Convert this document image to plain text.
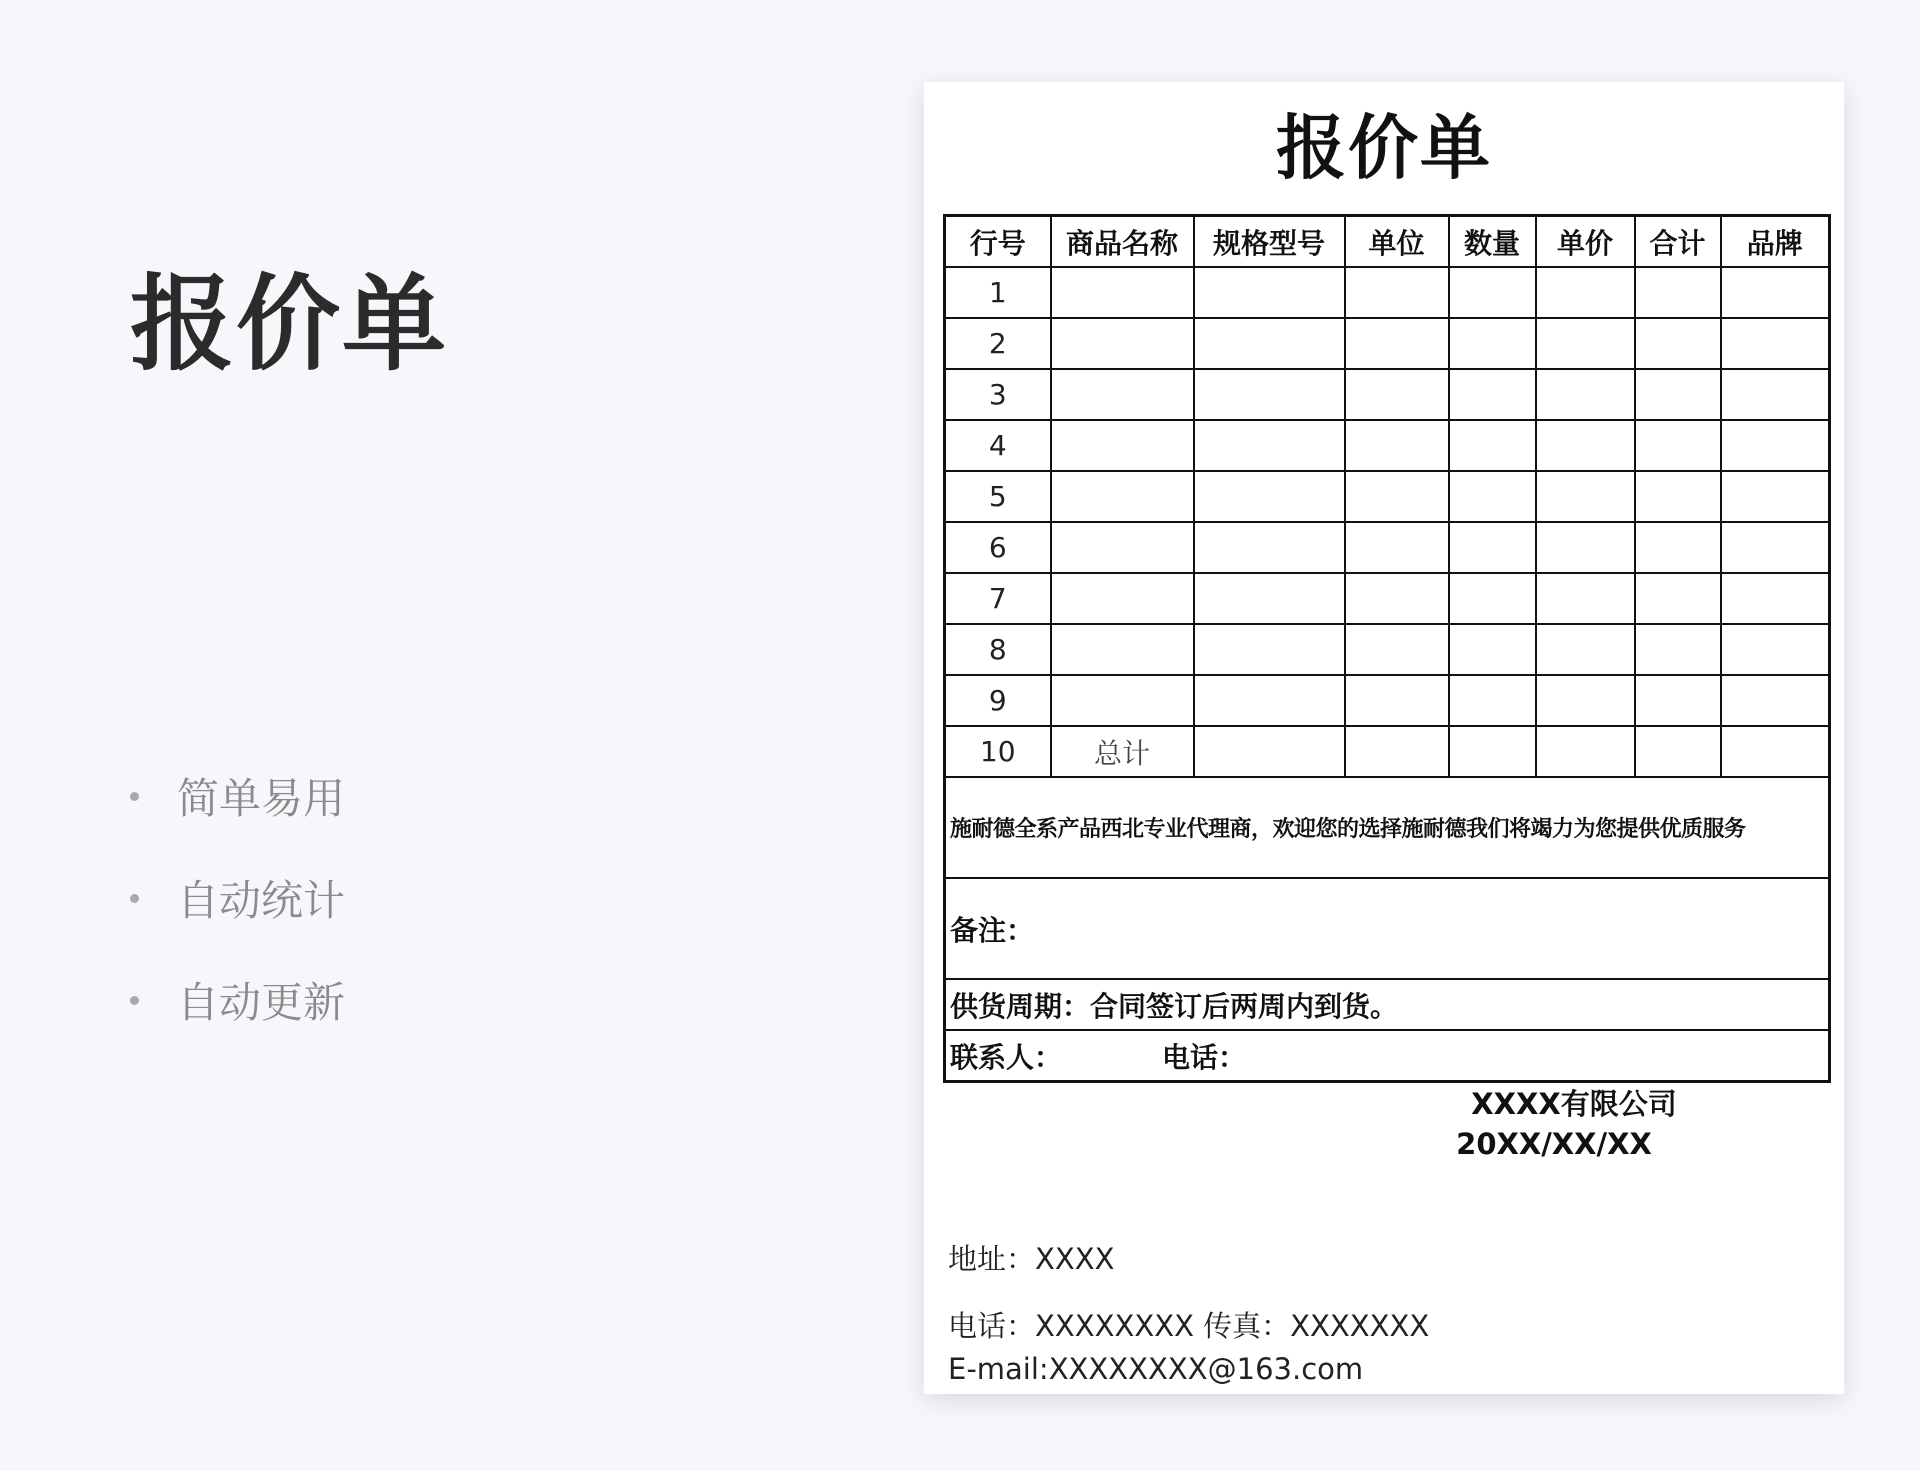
报价单
简单易用
自动统计
自动更新
报价单
行号	商品名称	规格型号	单位	数量	单价	合计	品牌
1							
2							
3							
4							
5							
6							
7							
8							
9							
10	总计						
施耐德全系产品西北专业代理商，欢迎您的选择施耐德我们将竭力为您提供优质服务							
备注：							
供货周期：合同签订后两周内到货。							
联系人： 电话：							
XXXX有限公司
20XX/XX/XX
地址：XXXX
电话：XXXXXXXX 传真：XXXXXXX
E-mail:XXXXXXXX@163.com
